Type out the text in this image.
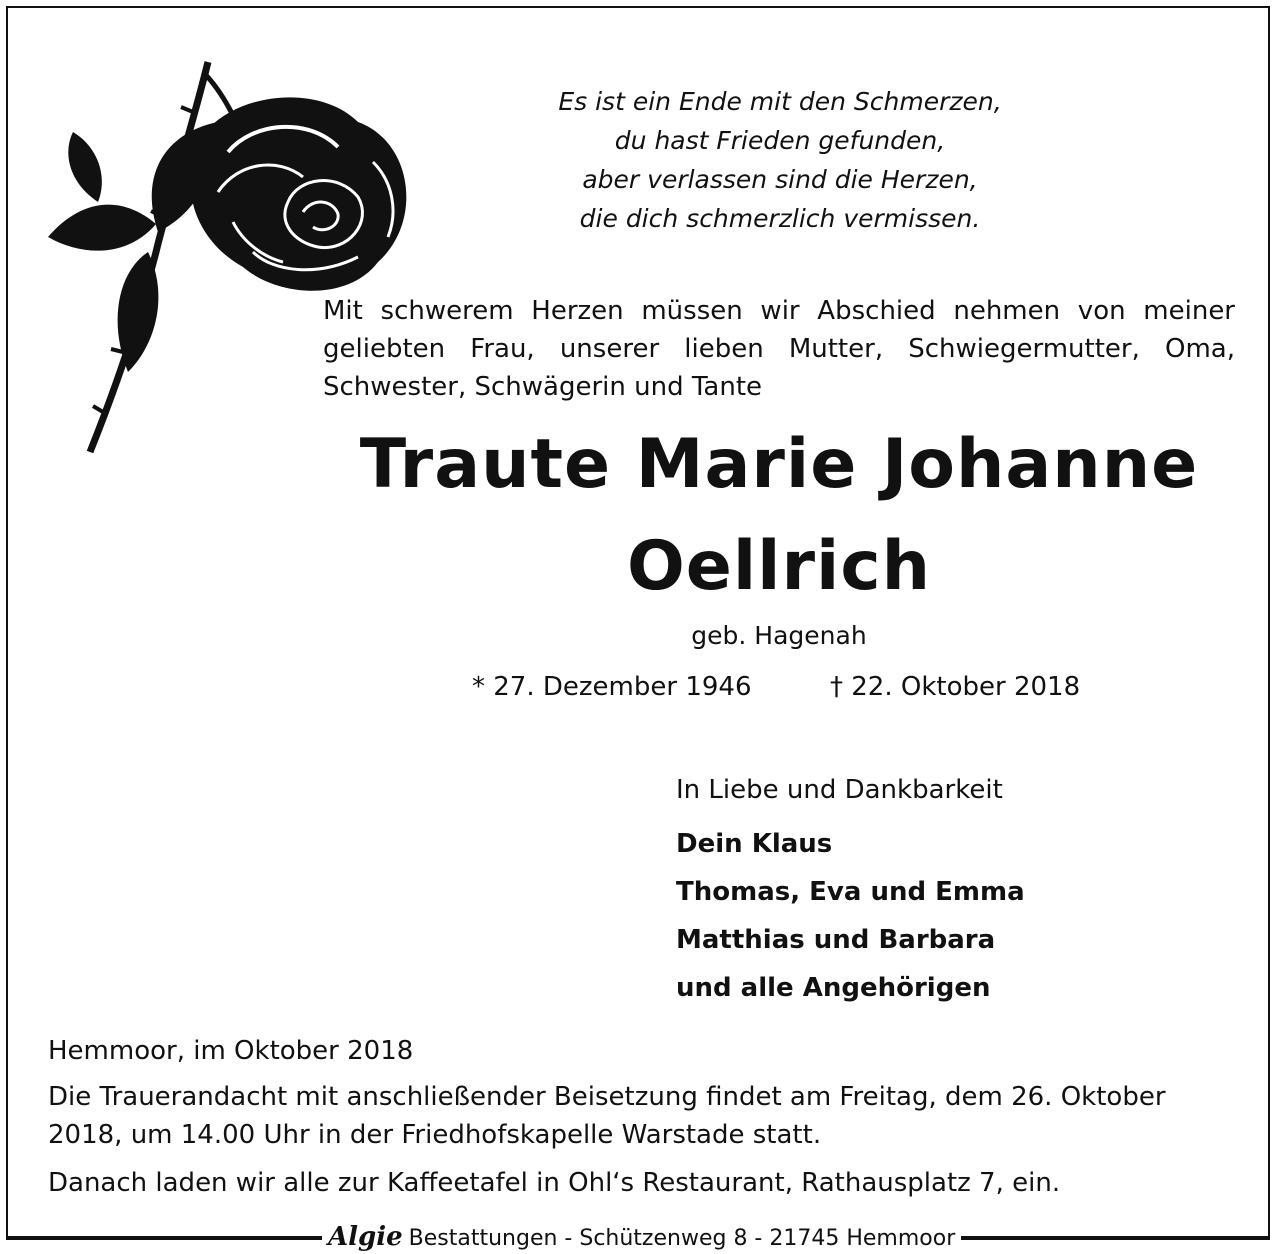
Es ist ein Ende mit den Schmerzen,
du hast Frieden gefunden,
aber verlassen sind die Herzen,
die dich schmerzlich vermissen.
Mit schwerem Herzen müssen wir Abschied nehmen von meiner
geliebten Frau, unserer lieben Mutter, Schwiegermutter, Oma,
Schwester, Schwägerin und Tante
Traute Marie Johanne
Oellrich
geb. Hagenah
* 27. Dezember 1946	† 22. Oktober 2018
In Liebe und Dankbarkeit
Dein Klaus
Thomas, Eva und Emma
Matthias und Barbara
und alle Angehörigen

Hemmoor, im Oktober 2018

Die Trauerandacht mit anschließender Beisetzung findet am Freitag, dem 26. Oktober 2018, um 14.00 Uhr in der Friedhofskapelle Warstade statt.

Danach laden wir alle zur Kaffeetafel in Ohl‘s Restaurant, Rathausplatz 7, ein.

Algie Bestattungen - Schützenweg 8 - 21745 Hemmoor
